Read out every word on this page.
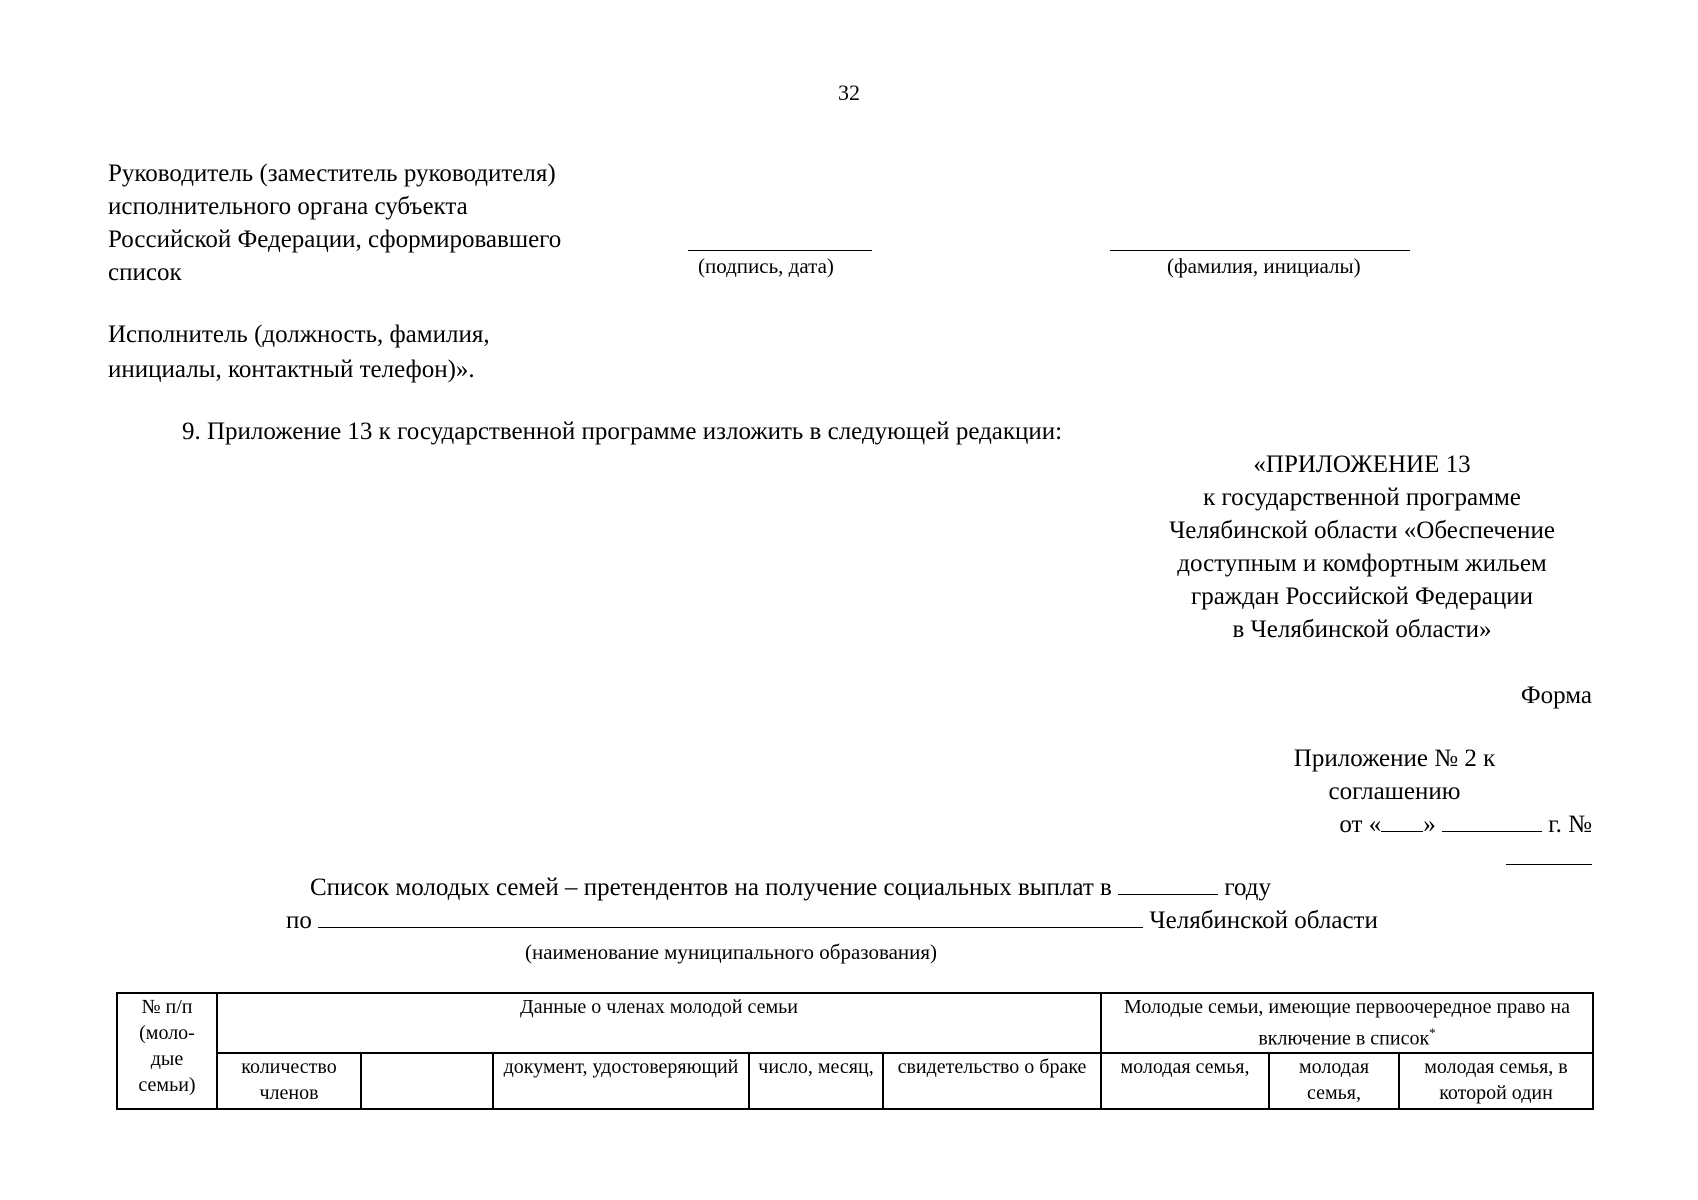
32
Руководитель (заместитель руководителя)
исполнительного органа субъекта
Российской Федерации, сформировавшего
список	(подпись, дата)	(фамилия, инициалы)
Исполнитель (должность, фамилия,
инициалы, контактный телефон)».
9. Приложение 13 к государственной программе изложить в следующей редакции:
«ПРИЛОЖЕНИЕ 13
к государственной программе
Челябинской области «Обеспечение
доступным и комфортным жильем
граждан Российской Федерации
в Челябинской области»
Форма
Приложение № 2 к
соглашению
от « »	г. №
Список молодых семей – претендентов на получение социальных выплат в	году
по	Челябинской области
(наименование муниципального образования)
№ п/п
(моло-
дые
семьи)	Данные о членах молодой семьи					Молодые семьи, имеющие первоочередное право на включение в список*
	количество членов		документ, удостоверяющий	число, месяц,	свидетельство о браке	молодая семья,	молодая семья,	молодая семья, в которой один
